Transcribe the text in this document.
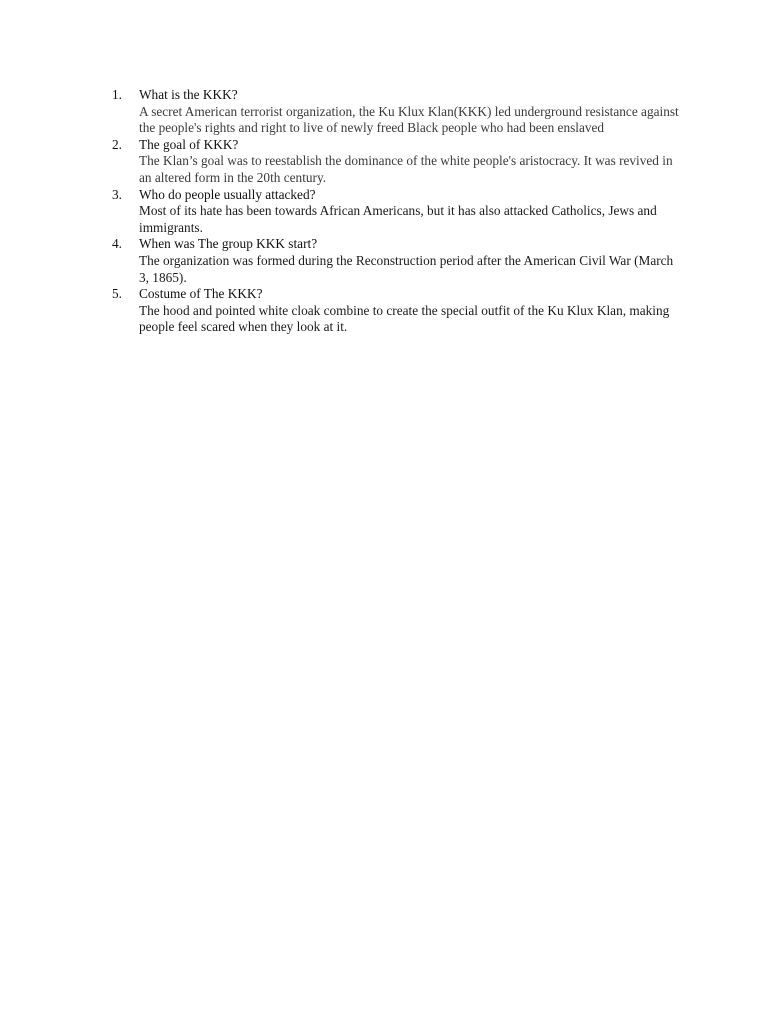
1.	What is the KKK?
A secret American terrorist organization, the Ku Klux Klan(KKK) led underground resistance against the people's rights and right to live of newly freed Black people who had been enslaved
2.	The goal of KKK?
The Klan’s goal was to reestablish the dominance of the white people's aristocracy. It was revived in an altered form in the 20th century.
3.	Who do people usually attacked?
Most of its hate has been towards African Americans, but it has also attacked Catholics, Jews and immigrants.
4.	When was The group KKK start?
The organization was formed during the Reconstruction period after the American Civil War (March 3, 1865).
5.	Costume of The KKK?
The hood and pointed white cloak combine to create the special outfit of the Ku Klux Klan, making people feel scared when they look at it.
